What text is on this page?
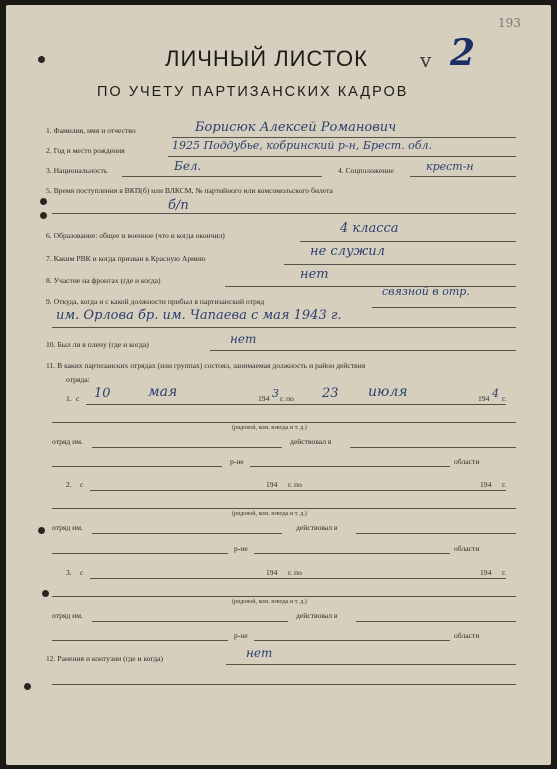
ЛИЧНЫЙ ЛИСТОК	v 2
193
ПО УЧЕТУ ПАРТИЗАНСКИХ КАДРОВ
1. Фамилия, имя и отчество	Борисюк Алексей Романович
2. Год и место рождения	1925 Поддубье, кобринский р-н, Брест. обл.
3. Национальность	Бел.	4. Соцположение	крест-н
5. Время поступления в ВКП(б) или ВЛКСМ, № партийного или комсомольского билета
б/п
6. Образование: общее и военное (что и когда окончил)	4 класса
7. Каким РВК и когда призван в Красную Армию	не служил
8. Участие на фронтах (где и когда)	нет
9. Откуда, когда и с какой должности прибыл в партизанский отряд
связной в отр.
им. Орлова бр. им. Чапаева с мая 1943 г.
10. Был ли в плену (где и когда)	нет
11. В каких партизанских отрядах (или группах) состоял, занимаемая должность и район действия
отряда:
1. с 10	мая	194 3 г. по 23 июля	194 4 г.
(рядовой, ком. взвода и т. д.)
отряд им.	действовал в
р-не	области
2. с	194 г. по	194 г.
(рядовой, ком. взвода и т. д.)
отряд им.	действовал в
р-не	области
3. с	194 г. по	194 г.
(рядовой, ком. взвода и т. д.)
отряд им.	действовал в
р-не	области
12. Ранения и контузии (где и когда)	нет
